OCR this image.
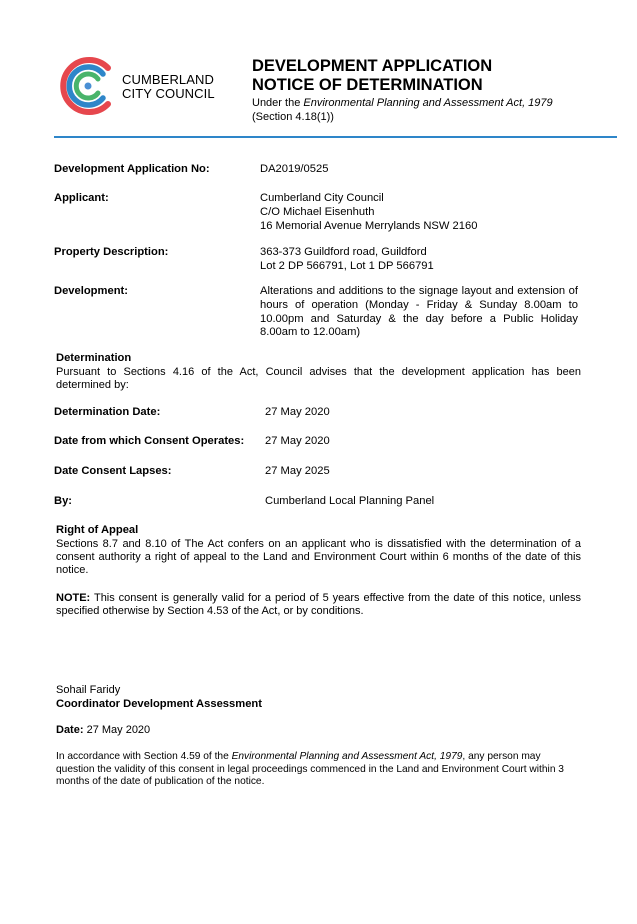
CUMBERLAND
CITY COUNCIL
DEVELOPMENT APPLICATION
NOTICE OF DETERMINATION
Under the Environmental Planning and Assessment Act, 1979
(Section 4.18(1))
Development Application No:	DA2019/0525
Applicant:	Cumberland City Council
C/O Michael Eisenhuth
16 Memorial Avenue Merrylands NSW 2160
Property Description:	363-373 Guildford road, Guildford
Lot 2 DP 566791, Lot 1 DP 566791
Development:	Alterations and additions to the signage layout and extension of hours of operation (Monday - Friday & Sunday 8.00am to 10.00pm and Saturday & the day before a Public Holiday 8.00am to 12.00am)
Determination
Pursuant to Sections 4.16 of the Act, Council advises that the development application has been determined by:
Determination Date:	27 May 2020
Date from which Consent Operates: 27 May 2020
Date Consent Lapses:	27 May 2025
By:	Cumberland Local Planning Panel
Right of Appeal
Sections 8.7 and 8.10 of The Act confers on an applicant who is dissatisfied with the determination of a consent authority a right of appeal to the Land and Environment Court within 6 months of the date of this notice.
NOTE: This consent is generally valid for a period of 5 years effective from the date of this notice, unless specified otherwise by Section 4.53 of the Act, or by conditions.
Sohail Faridy
Coordinator Development Assessment
Date: 27 May 2020
In accordance with Section 4.59 of the Environmental Planning and Assessment Act, 1979, any person may question the validity of this consent in legal proceedings commenced in the Land and Environment Court within 3 months of the date of publication of the notice.
